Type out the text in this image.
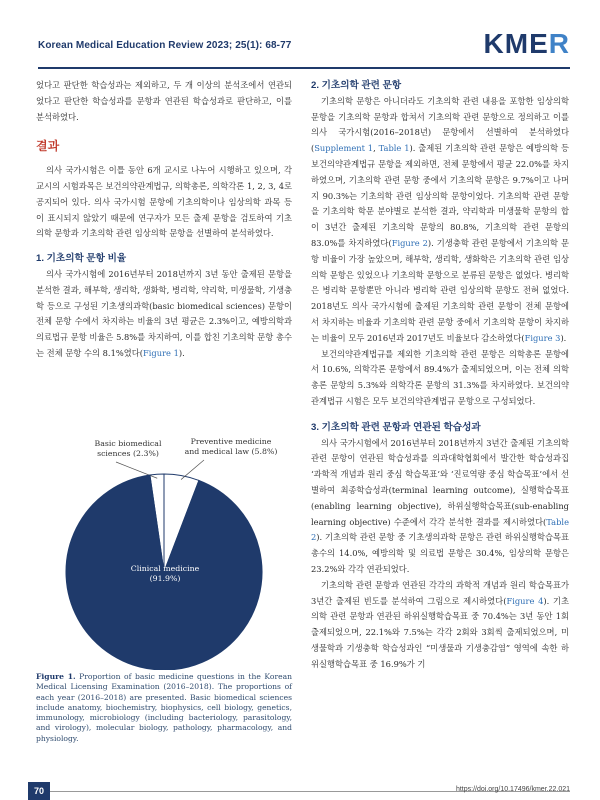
Korean Medical Education Review 2023; 25(1): 68-77	KMER

었다고 판단한 학습성과는 제외하고, 두 개 이상의 분석조에서 연관되었다고 판단한 학습성과를 문항과 연관된 학습성과로 판단하고, 이를 분석하였다.

결과

의사 국가시험은 이틀 동안 6개 교시로 나누어 시행하고 있으며, 각 교시의 시험과목은 보건의약관계법규, 의학총론, 의학각론 1, 2, 3, 4로 공지되어 있다. 의사 국가시험 문항에 기초의학이나 임상의학 과목 등이 표시되지 않았기 때문에 연구자가 모든 출제 문항을 검토하여 기초의학 문항과 기초의학 관련 임상의학 문항을 선별하여 분석하였다.

1. 기초의학 문항 비율

의사 국가시험에 2016년부터 2018년까지 3년 동안 출제된 문항을 분석한 결과, 해부학, 생리학, 생화학, 병리학, 약리학, 미생물학, 기생충학 등으로 구성된 기초생의과학(basic biomedical sciences) 문항이 전체 문항 수에서 차지하는 비율의 3년 평균은 2.3%이고, 예방의학과 의료법규 문항 비율은 5.8%를 차지하여, 이를 합친 기초의학 문항 총수는 전체 문항 수의 8.1%였다(Figure 1).

Basic biomedical
sciences (2.3%)
Preventive medicine
and medical law (5.8%)
Clinical medicine
(91.9%)
Figure 1. Proportion of basic medicine questions in the Korean Medical Licensing Examination (2016–2018). The proportions of each year (2016–2018) are presented. Basic biomedical sciences include anatomy, biochemistry, biophysics, cell biology, genetics, immunology, microbiology (including bacteriology, parasitology, and virology), molecular biology, pathology, pharmacology, and physiology.

2. 기초의학 관련 문항

기초의학 문항은 아니더라도 기초의학 관련 내용을 포함한 임상의학 문항을 기초의학 문항과 합쳐서 기초의학 관련 문항으로 정의하고 이를 의사 국가시험(2016–2018년) 문항에서 선별하여 분석하였다(Supplement 1, Table 1). 출제된 기초의학 관련 문항은 예방의학 등 보건의약관계법규 문항을 제외하면, 전체 문항에서 평균 22.0%를 차지하였으며, 기초의학 관련 문항 중에서 기초의학 문항은 9.7%이고 나머지 90.3%는 기초의학 관련 임상의학 문항이었다. 기초의학 관련 문항을 기초의학 학문 분야별로 분석한 결과, 약리학과 미생물학 문항의 합이 3년간 출제된 기초의학 문항의 80.8%, 기초의학 관련 문항의 83.0%를 차지하였다(Figure 2). 기생충학 관련 문항에서 기초의학 문항 비율이 가장 높았으며, 해부학, 생리학, 생화학은 기초의학 관련 임상의학 문항은 있었으나 기초의학 문항으로 분류된 문항은 없었다. 병리학은 병리학 문항뿐만 아니라 병리학 관련 임상의학 문항도 전혀 없었다. 2018년도 의사 국가시험에 출제된 기초의학 관련 문항이 전체 문항에서 차지하는 비율과 기초의학 관련 문항 중에서 기초의학 문항이 차지하는 비율이 모두 2016년과 2017년도 비율보다 감소하였다(Figure 3).

보건의약관계법규를 제외한 기초의학 관련 문항은 의학총론 문항에서 10.6%, 의학각론 문항에서 89.4%가 출제되었으며, 이는 전체 의학총론 문항의 5.3%와 의학각론 문항의 31.3%를 차지하였다. 보건의약관계법규 시험은 모두 보건의약관계법규 문항으로 구성되었다.

3. 기초의학 관련 문항과 연관된 학습성과

의사 국가시험에서 2016년부터 2018년까지 3년간 출제된 기초의학 관련 문항이 연관된 학습성과를 의과대학협회에서 발간한 학습성과집 ‘과학적 개념과 원리 중심 학습목표’와 ‘진료역량 중심 학습목표’에서 선별하여 최종학습성과(terminal learning outcome), 실행학습목표(enabling learning objective), 하위실행학습목표(sub-enabling learning objective) 수준에서 각각 분석한 결과를 제시하였다(Table 2). 기초의학 관련 문항 중 기초생의과학 문항은 관련 하위실행학습목표 총수의 14.0%, 예방의학 및 의료법 문항은 30.4%, 임상의학 문항은 23.2%와 각각 연관되었다.

기초의학 관련 문항과 연관된 각각의 과학적 개념과 원리 학습목표가 3년간 출제된 빈도를 분석하여 그림으로 제시하였다(Figure 4). 기초의학 관련 문항과 연관된 하위실행학습목표 중 70.4%는 3년 동안 1회 출제되었으며, 22.1%와 7.5%는 각각 2회와 3회씩 출제되었으며, 미생물학과 기생충학 학습성과인 “미생물과 기생충감염” 영역에 속한 하위실행학습목표 중 16.9%가 기

70	https://doi.org/10.17496/kmer.22.021
